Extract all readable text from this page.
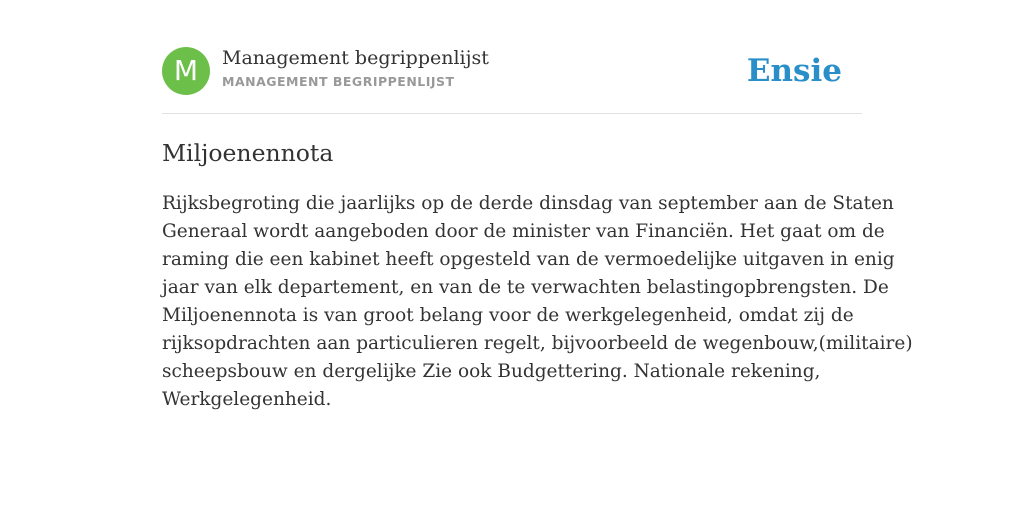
M	Management begrippenlijst
MANAGEMENT BEGRIPPENLIJST	Ensie
Miljoenennota
Rijksbegroting die jaarlijks op de derde dinsdag van september aan de Staten
Generaal wordt aangeboden door de minister van Financiën. Het gaat om de
raming die een kabinet heeft opgesteld van de vermoedelijke uitgaven in enig
jaar van elk departement, en van de te verwachten belastingopbrengsten. De
Miljoenennota is van groot belang voor de werkgelegenheid, omdat zij de
rijksopdrachten aan particulieren regelt, bijvoorbeeld de wegenbouw,(militaire)
scheepsbouw en dergelijke Zie ook Budgettering. Nationale rekening,
Werkgelegenheid.
